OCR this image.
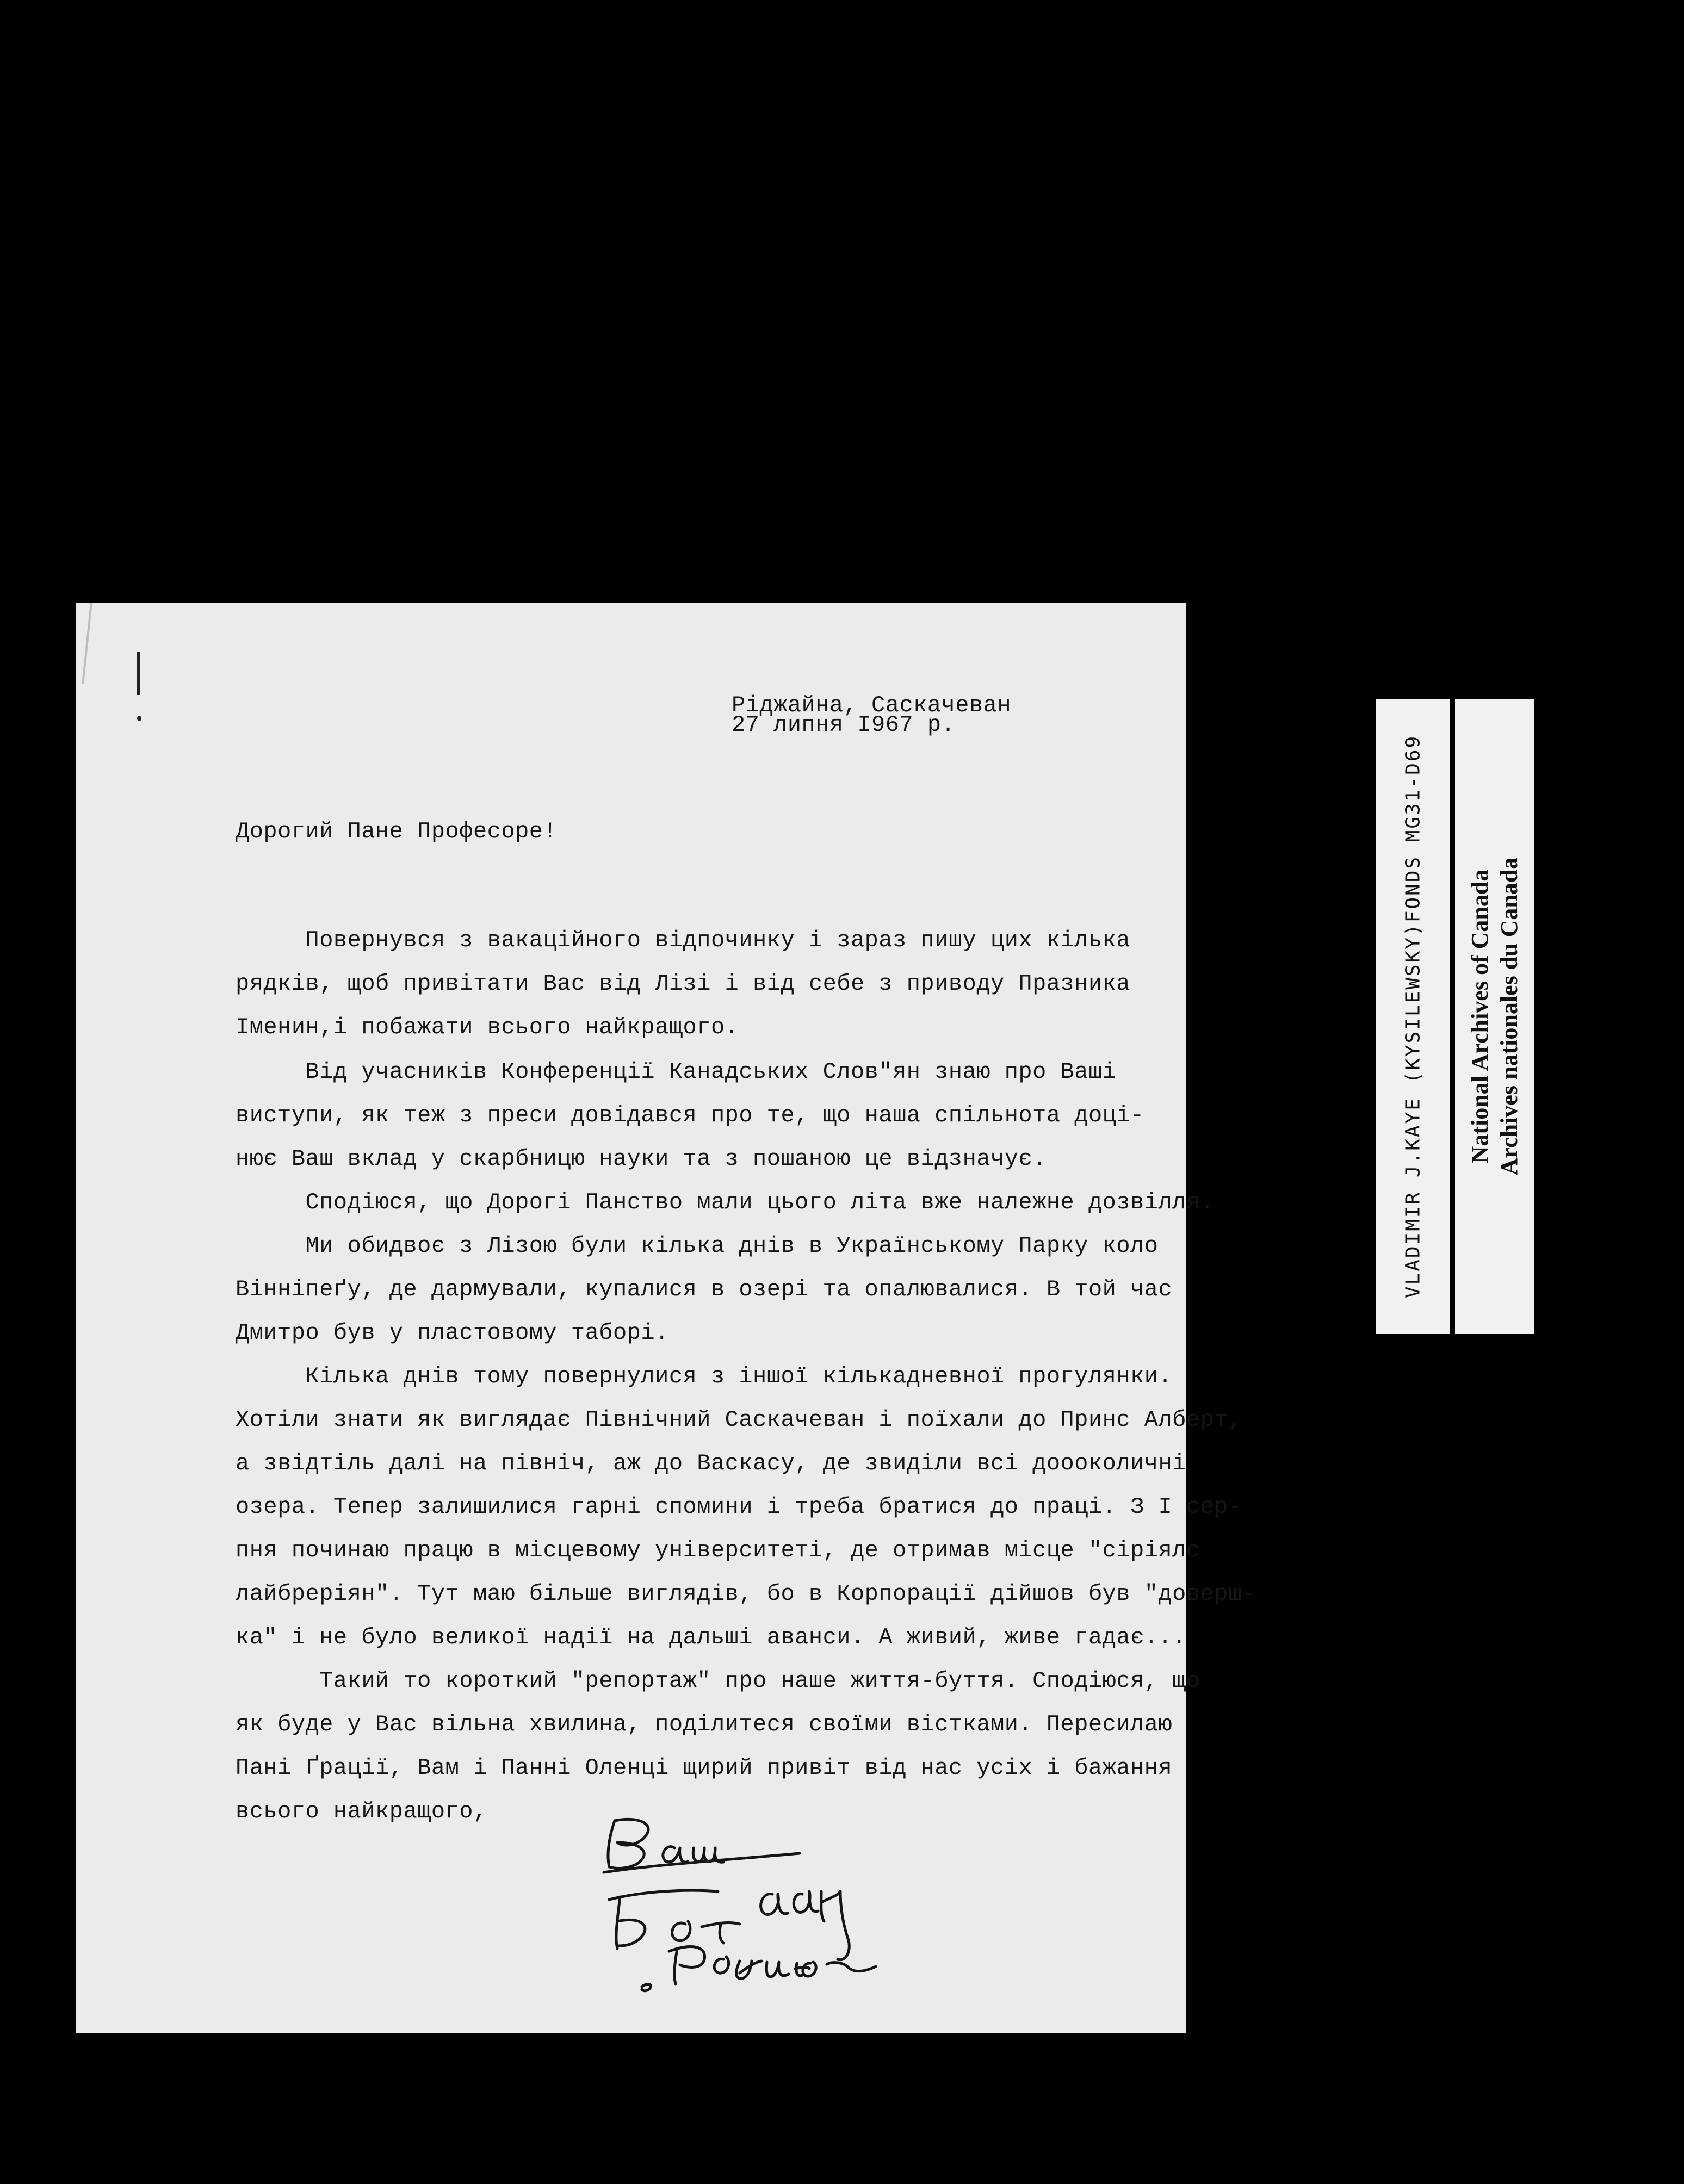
Ріджайна, Саскачеван
27 липня I967 р.
Дорогий Пане Професоре!
Повернувся з вакаційного відпочинку і зараз пишу цих кілька
рядків, щоб привітати Вас від Лізі і від себе з приводу Празника
Іменин,і побажати всього найкращого.
Від учасників Конференції Канадських Слов"ян знаю про Ваші
виступи, як теж з преси довідався про те, що наша спільнота доці-
нює Ваш вклад у скарбницю науки та з пошаною це відзначує.
Сподіюся, що Дорогі Панство мали цього літа вже належне дозвілля.
Ми обидвоє з Лізою були кілька днів в Українському Парку коло
Вінніпеґу, де дармували, купалися в озері та опалювалися. В той час
Дмитро був у пластовому таборі.
Кілька днів тому повернулися з іншої кількадневної прогулянки.
Хотіли знати як виглядає Північний Саскачеван і поїхали до Принс Алберт,
а звідтіль далі на північ, аж до Васкасу, де звиділи всі доооколичні
озера. Тепер залишилися гарні спомини і треба братися до праці. З I сер-
пня починаю працю в місцевому університеті, де отримав місце "сіріялс
лайбреріян". Тут маю більше виглядів, бо в Корпорації дійшов був "доверш-
ка" і не було великої надії на дальші аванси. А живий, живе гадає...
Такий то короткий "репортаж" про наше життя-буття. Сподіюся, що
як буде у Вас вільна хвилина, поділитеся своїми вістками. Пересилаю
Пані Ґрації, Вам і Панні Оленці щирий привіт від нас усіх і бажання
всього найкращого,
VLADIMIR J.KAYE (KYSILEWSKY)FONDS MG31-D69 National Archives of Canada Archives nationales du Canada
